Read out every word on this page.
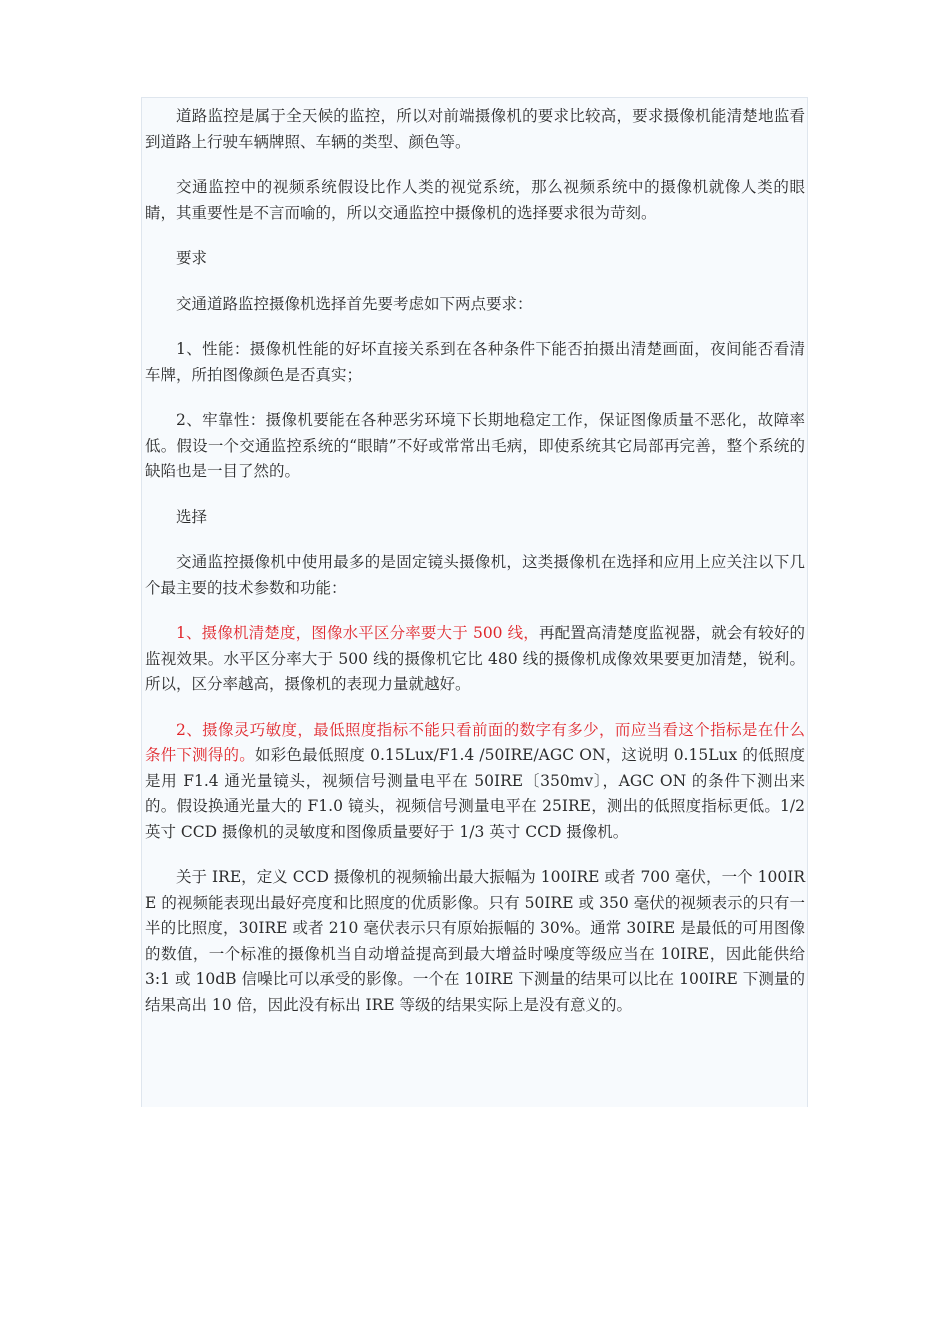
道路监控是属于全天候的监控，所以对前端摄像机的要求比较高，要求摄像机能清楚地监看到道路上行驶车辆牌照、车辆的类型、颜色等。

交通监控中的视频系统假设比作人类的视觉系统，那么视频系统中的摄像机就像人类的眼睛，其重要性是不言而喻的，所以交通监控中摄像机的选择要求很为苛刻。

要求

交通道路监控摄像机选择首先要考虑如下两点要求：

1、性能：摄像机性能的好坏直接关系到在各种条件下能否拍摄出清楚画面，夜间能否看清车牌，所拍图像颜色是否真实；

2、牢靠性：摄像机要能在各种恶劣环境下长期地稳定工作，保证图像质量不恶化，故障率低。假设一个交通监控系统的“眼睛”不好或常常出毛病，即使系统其它局部再完善，整个系统的缺陷也是一目了然的。

选择

交通监控摄像机中使用最多的是固定镜头摄像机，这类摄像机在选择和应用上应关注以下几个最主要的技术参数和功能：

1、摄像机清楚度，图像水平区分率要大于 500 线，再配置高清楚度监视器，就会有较好的监视效果。水平区分率大于 500 线的摄像机它比 480 线的摄像机成像效果要更加清楚，锐利。所以，区分率越高，摄像机的表现力量就越好。

2、摄像灵巧敏度，最低照度指标不能只看前面的数字有多少，而应当看这个指标是在什么条件下测得的。如彩色最低照度 0.15Lux/F1.4 /50IRE/AGC ON，这说明 0.15Lux 的低照度是用 F1.4 通光量镜头，视频信号测量电平在 50IRE〔350mv〕，AGC ON 的条件下测出来的。假设换通光量大的 F1.0 镜头，视频信号测量电平在 25IRE，测出的低照度指标更低。1/2 英寸 CCD 摄像机的灵敏度和图像质量要好于 1/3 英寸 CCD 摄像机。

关于 IRE，定义 CCD 摄像机的视频输出最大振幅为 100IRE 或者 700 毫伏，一个 100IRE 的视频能表现出最好亮度和比照度的优质影像。只有 50IRE 或 350 毫伏的视频表示的只有一半的比照度，30IRE 或者 210 毫伏表示只有原始振幅的 30%。通常 30IRE 是最低的可用图像的数值，一个标准的摄像机当自动增益提高到最大增益时噪度等级应当在 10IRE，因此能供给 3:1 或 10dB 信噪比可以承受的影像。一个在 10IRE 下测量的结果可以比在 100IRE 下测量的结果高出 10 倍，因此没有标出 IRE 等级的结果实际上是没有意义的。
